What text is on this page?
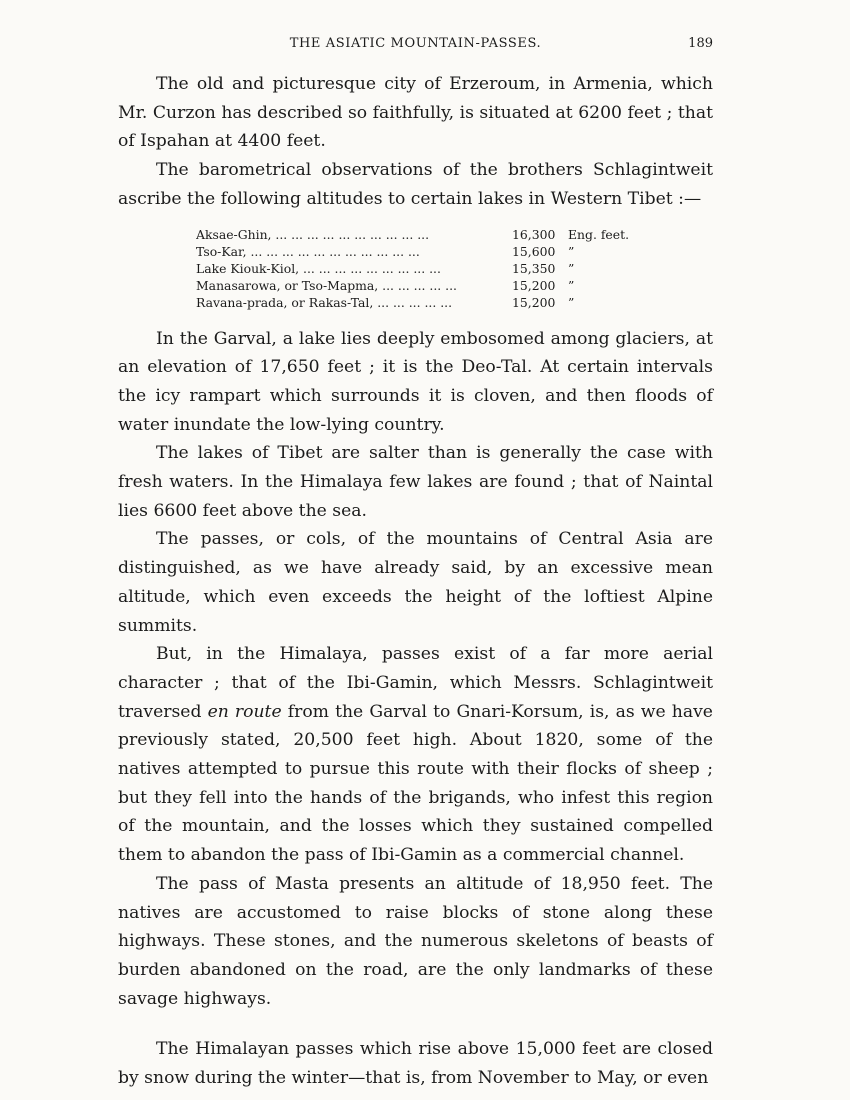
THE ASIATIC MOUNTAIN-PASSES.	189

The old and picturesque city of Erzeroum, in Armenia, which Mr. Curzon has described so faithfully, is situated at 6200 feet ; that of Ispahan at 4400 feet.

The barometrical observations of the brothers Schlagintweit ascribe the following altitudes to certain lakes in Western Tibet :—

Aksae-Ghin, ... ... ... ... ... ... ... ... ... ...	16,300	Eng. feet.
Tso-Kar, ... ... ... ... ... ... ... ... ... ... ...	15,600	”
Lake Kiouk-Kiol, ... ... ... ... ... ... ... ... ...	15,350	”
Manasarowa, or Tso-Mapma, ... ... ... ... ...	15,200	”
Ravana-prada, or Rakas-Tal, ... ... ... ... ...	15,200	”

In the Garval, a lake lies deeply embosomed among glaciers, at an elevation of 17,650 feet ; it is the Deo-Tal. At certain intervals the icy rampart which surrounds it is cloven, and then floods of water inundate the low-lying country.

The lakes of Tibet are salter than is generally the case with fresh waters. In the Himalaya few lakes are found ; that of Naintal lies 6600 feet above the sea.

The passes, or cols, of the mountains of Central Asia are distinguished, as we have already said, by an excessive mean altitude, which even exceeds the height of the loftiest Alpine summits.

But, in the Himalaya, passes exist of a far more aerial character ; that of the Ibi-Gamin, which Messrs. Schlagintweit traversed en route from the Garval to Gnari-Korsum, is, as we have previously stated, 20,500 feet high. About 1820, some of the natives attempted to pursue this route with their flocks of sheep ; but they fell into the hands of the brigands, who infest this region of the mountain, and the losses which they sustained compelled them to abandon the pass of Ibi-Gamin as a commercial channel.

The pass of Masta presents an altitude of 18,950 feet. The natives are accustomed to raise blocks of stone along these highways. These stones, and the numerous skeletons of beasts of burden abandoned on the road, are the only landmarks of these savage highways.

The Himalayan passes which rise above 15,000 feet are closed by snow during the winter—that is, from November to May, or even
